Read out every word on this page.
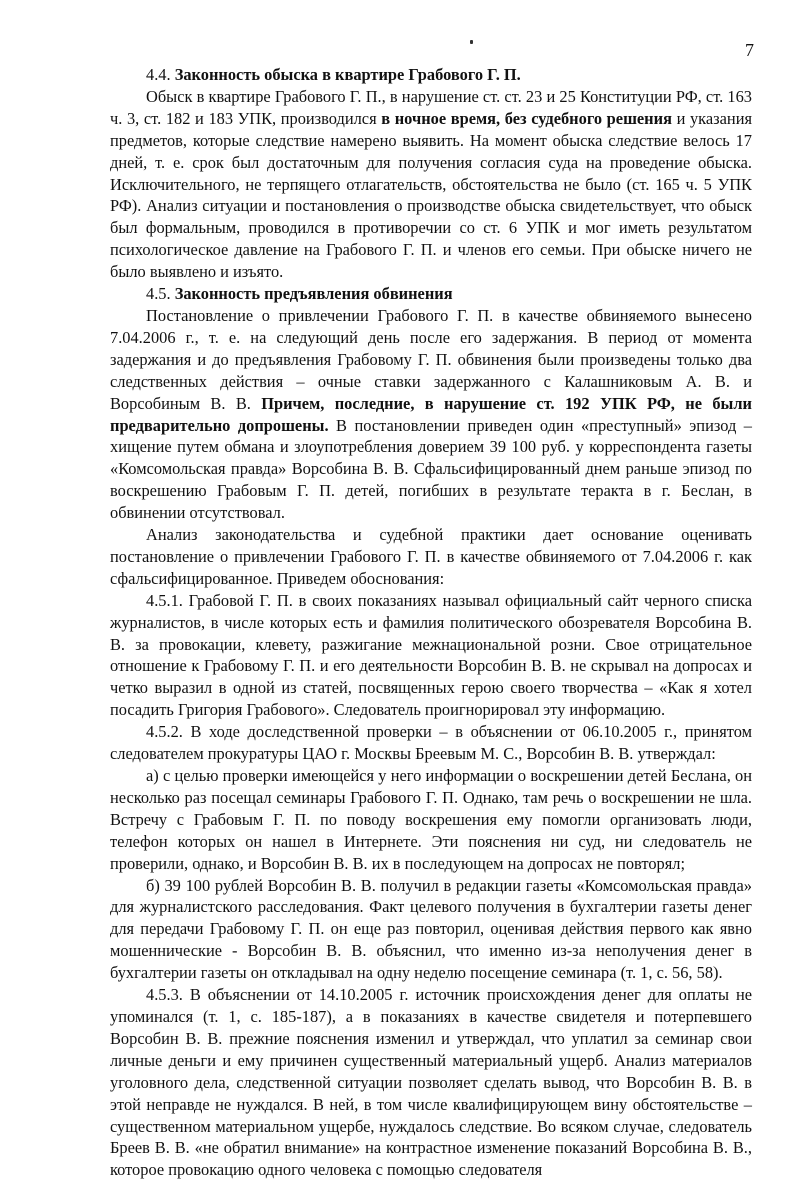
7

4.4. Законность обыска в квартире Грабового Г. П.

Обыск в квартире Грабового Г. П., в нарушение ст. ст. 23 и 25 Конституции РФ, ст. 163 ч. 3, ст. 182 и 183 УПК, производился в ночное время, без судебного решения и указания предметов, которые следствие намерено выявить. На момент обыска следствие велось 17 дней, т. е. срок был достаточным для получения согласия суда на проведение обыска. Исключительного, не терпящего отлагательств, обстоятельства не было (ст. 165 ч. 5 УПК РФ). Анализ ситуации и постановления о производстве обыска свидетельствует, что обыск был формальным, проводился в противоречии со ст. 6 УПК и мог иметь результатом психологическое давление на Грабового Г. П. и членов его семьи. При обыске ничего не было выявлено и изъято.

4.5. Законность предъявления обвинения

Постановление о привлечении Грабового Г. П. в качестве обвиняемого вынесено 7.04.2006 г., т. е. на следующий день после его задержания. В период от момента задержания и до предъявления Грабовому Г. П. обвинения были произведены только два следственных действия – очные ставки задержанного с Калашниковым А. В. и Ворсобиным В. В. Причем, последние, в нарушение ст. 192 УПК РФ, не были предварительно допрошены. В постановлении приведен один «преступный» эпизод – хищение путем обмана и злоупотребления доверием 39 100 руб. у корреспондента газеты «Комсомольская правда» Ворсобина В. В. Сфальсифицированный днем раньше эпизод по воскрешению Грабовым Г. П. детей, погибших в результате теракта в г. Беслан, в обвинении отсутствовал.

Анализ законодательства и судебной практики дает основание оценивать постановление о привлечении Грабового Г. П. в качестве обвиняемого от 7.04.2006 г. как сфальсифицированное. Приведем обоснования:

4.5.1. Грабовой Г. П. в своих показаниях называл официальный сайт черного списка журналистов, в числе которых есть и фамилия политического обозревателя Ворсобина В. В. за провокации, клевету, разжигание межнациональной розни. Свое отрицательное отношение к Грабовому Г. П. и его деятельности Ворсобин В. В. не скрывал на допросах и четко выразил в одной из статей, посвященных герою своего творчества – «Как я хотел посадить Григория Грабового». Следователь проигнорировал эту информацию.

4.5.2. В ходе доследственной проверки – в объяснении от 06.10.2005 г., принятом следователем прокуратуры ЦАО г. Москвы Бреевым М. С., Ворсобин В. В. утверждал:

а) с целью проверки имеющейся у него информации о воскрешении детей Беслана, он несколько раз посещал семинары Грабового Г. П. Однако, там речь о воскрешении не шла. Встречу с Грабовым Г. П. по поводу воскрешения ему помогли организовать люди, телефон которых он нашел в Интернете. Эти пояснения ни суд, ни следователь не проверили, однако, и Ворсобин В. В. их в последующем на допросах не повторял;

б) 39 100 рублей Ворсобин В. В. получил в редакции газеты «Комсомольская правда» для журналистского расследования. Факт целевого получения в бухгалтерии газеты денег для передачи Грабовому Г. П. он еще раз повторил, оценивая действия первого как явно мошеннические - Ворсобин В. В. объяснил, что именно из-за неполучения денег в бухгалтерии газеты он откладывал на одну неделю посещение семинара (т. 1, с. 56, 58).

4.5.3. В объяснении от 14.10.2005 г. источник происхождения денег для оплаты не упоминался (т. 1, с. 185-187), а в показаниях в качестве свидетеля и потерпевшего Ворсобин В. В. прежние пояснения изменил и утверждал, что уплатил за семинар свои личные деньги и ему причинен существенный материальный ущерб. Анализ материалов уголовного дела, следственной ситуации позволяет сделать вывод, что Ворсобин В. В. в этой неправде не нуждался. В ней, в том числе квалифицирующем вину обстоятельстве – существенном материальном ущербе, нуждалось следствие. Во всяком случае, следователь Бреев В. В. «не обратил внимание» на контрастное изменение показаний Ворсобина В. В., которое провокацию одного человека с помощью следователя
